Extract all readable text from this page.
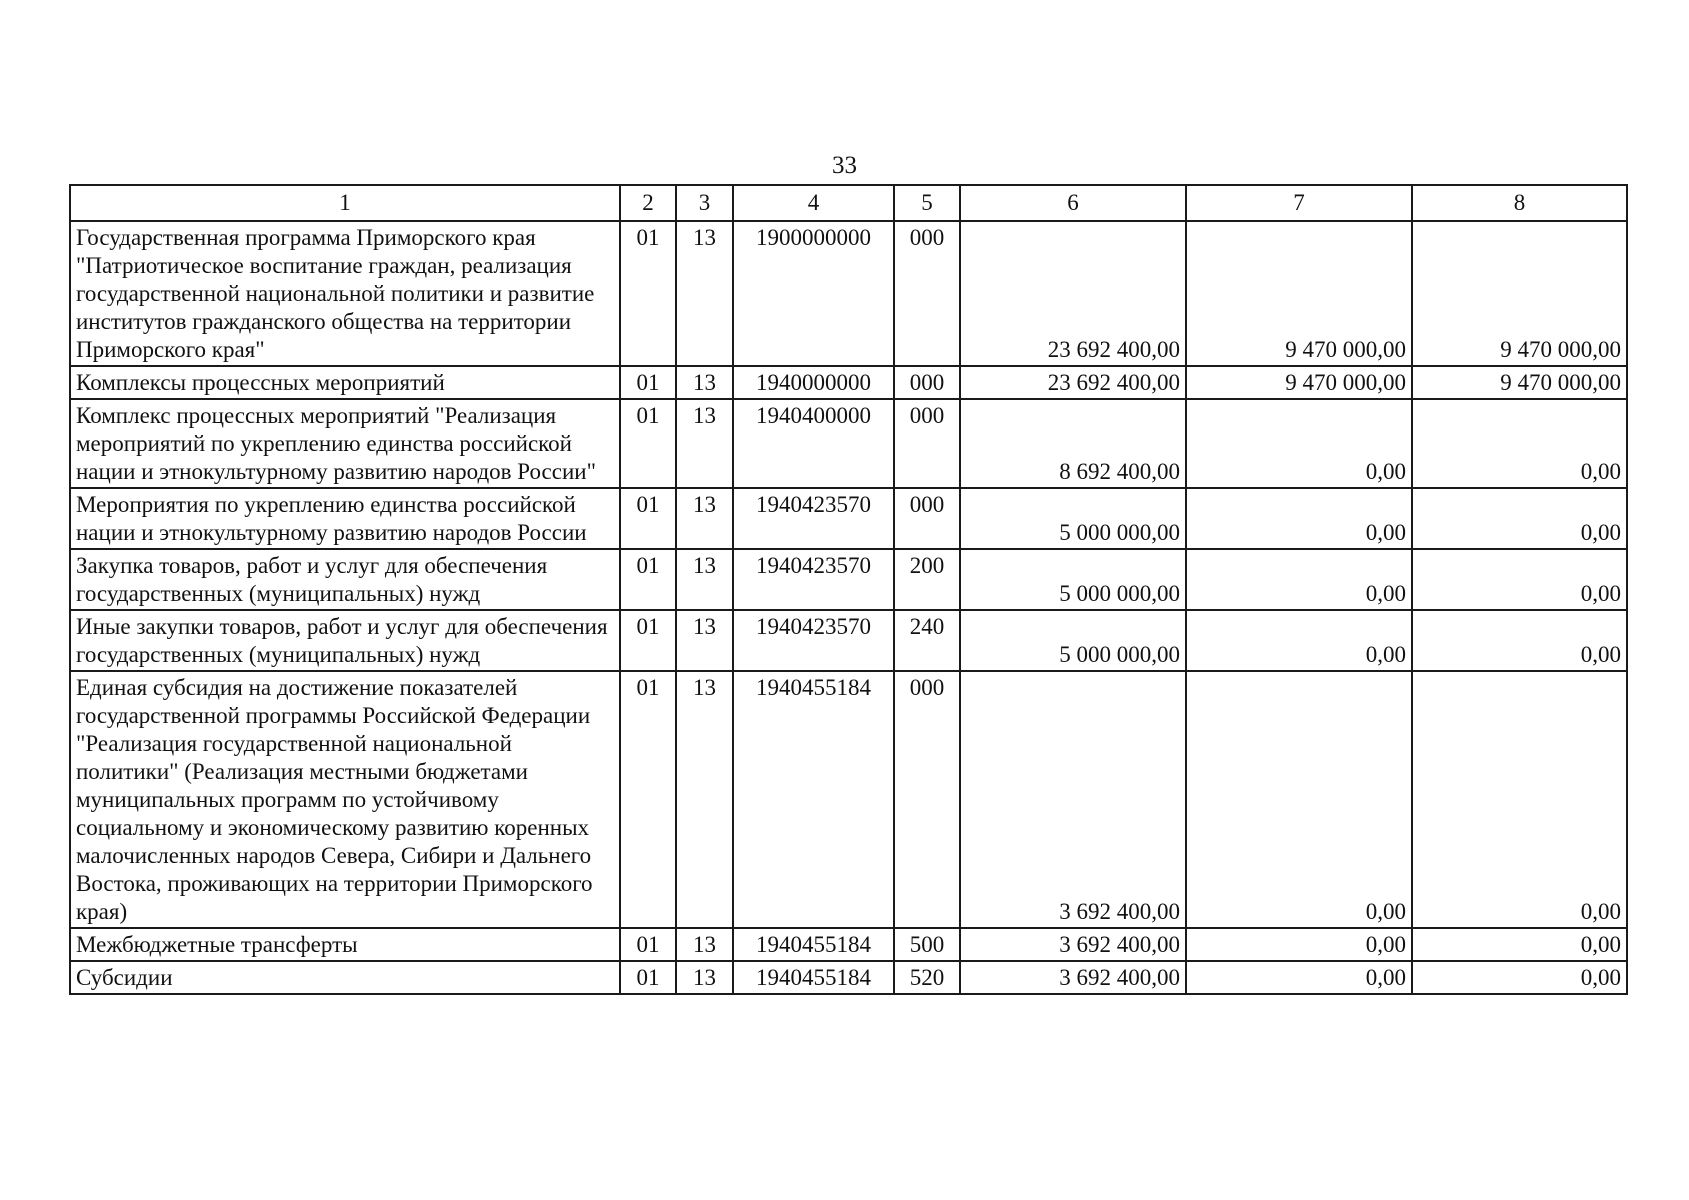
33
1	2	3	4	5	6	7	8
Государственная программа Приморского края "Патриотическое воспитание граждан, реализация государственной национальной политики и развитие институтов гражданского общества на территории Приморского края"	01	13	1900000000	000	23 692 400,00	9 470 000,00	9 470 000,00
Комплексы процессных мероприятий	01	13	1940000000	000	23 692 400,00	9 470 000,00	9 470 000,00
Комплекс процессных мероприятий "Реализация мероприятий по укреплению единства российской нации и этнокультурному развитию народов России"	01	13	1940400000	000	8 692 400,00	0,00	0,00
Мероприятия по укреплению единства российской нации и этнокультурному развитию народов России	01	13	1940423570	000	5 000 000,00	0,00	0,00
Закупка товаров, работ и услуг для обеспечения государственных (муниципальных) нужд	01	13	1940423570	200	5 000 000,00	0,00	0,00
Иные закупки товаров, работ и услуг для обеспечения государственных (муниципальных) нужд	01	13	1940423570	240	5 000 000,00	0,00	0,00
Единая субсидия на достижение показателей государственной программы Российской Федерации "Реализация государственной национальной политики" (Реализация местными бюджетами муниципальных программ по устойчивому социальному и экономическому развитию коренных малочисленных народов Севера, Сибири и Дальнего Востока, проживающих на территории Приморского края)	01	13	1940455184	000	3 692 400,00	0,00	0,00
Межбюджетные трансферты	01	13	1940455184	500	3 692 400,00	0,00	0,00
Субсидии	01	13	1940455184	520	3 692 400,00	0,00	0,00
